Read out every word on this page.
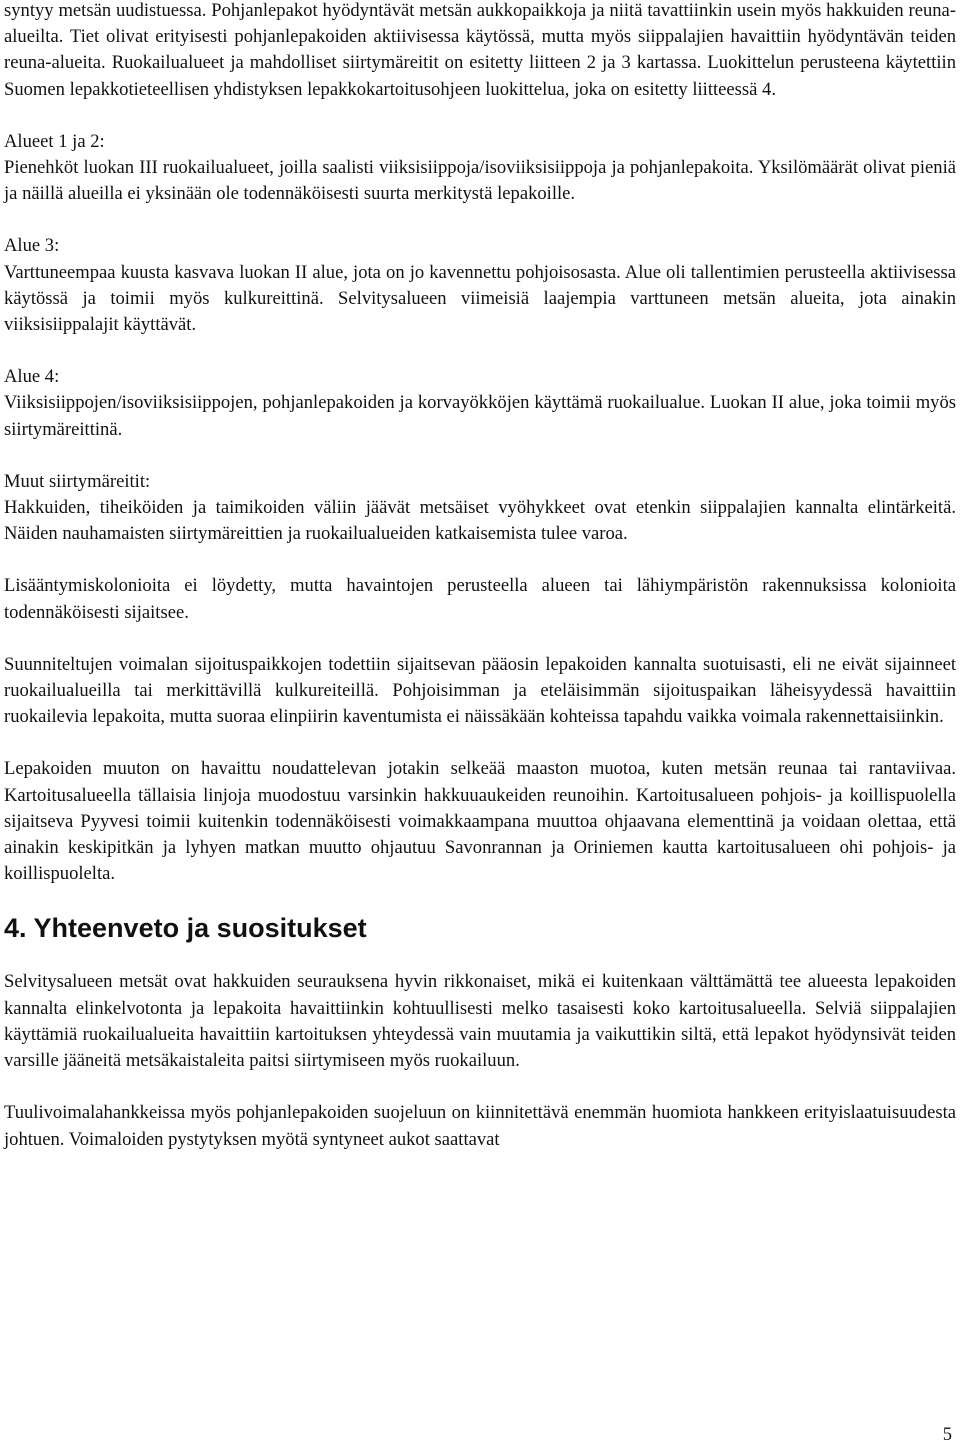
syntyy metsän uudistuessa. Pohjanlepakot hyödyntävät metsän aukkopaikkoja ja niitä tavattiinkin usein myös hakkuiden reuna-alueilta. Tiet olivat erityisesti pohjanlepakoiden aktiivisessa käytössä, mutta myös siippalajien havaittiin hyödyntävän teiden reuna-alueita. Ruokailualueet ja mahdolliset siirtymäreitit on esitetty liitteen 2 ja 3 kartassa. Luokittelun perusteena käytettiin Suomen lepakkotieteellisen yhdistyksen lepakkokartoitusohjeen luokittelua, joka on esitetty liitteessä 4.

Alueet 1 ja 2:
Pienehköt luokan III ruokailualueet, joilla saalisti viiksisiippoja/isoviiksisiippoja ja pohjanlepakoita. Yksilömäärät olivat pieniä ja näillä alueilla ei yksinään ole todennäköisesti suurta merkitystä lepakoille.

Alue 3:
Varttuneempaa kuusta kasvava luokan II alue, jota on jo kavennettu pohjoisosasta. Alue oli tallentimien perusteella aktiivisessa käytössä ja toimii myös kulkureittinä. Selvitysalueen viimeisiä laajempia varttuneen metsän alueita, jota ainakin viiksisiippalajit käyttävät.

Alue 4:
Viiksisiippojen/isoviiksisiippojen, pohjanlepakoiden ja korvayökköjen käyttämä ruokailualue. Luokan II alue, joka toimii myös siirtymäreittinä.

Muut siirtymäreitit:
Hakkuiden, tiheiköiden ja taimikoiden väliin jäävät metsäiset vyöhykkeet ovat etenkin siippalajien kannalta elintärkeitä. Näiden nauhamaisten siirtymäreittien ja ruokailualueiden katkaisemista tulee varoa.

Lisääntymiskolonioita ei löydetty, mutta havaintojen perusteella alueen tai lähiympäristön rakennuksissa kolonioita todennäköisesti sijaitsee.

Suunniteltujen voimalan sijoituspaikkojen todettiin sijaitsevan pääosin lepakoiden kannalta suotuisasti, eli ne eivät sijainneet ruokailualueilla tai merkittävillä kulkureiteillä. Pohjoisimman ja eteläisimmän sijoituspaikan läheisyydessä havaittiin ruokailevia lepakoita, mutta suoraa elinpiirin kaventumista ei näissäkään kohteissa tapahdu vaikka voimala rakennettaisiinkin.

Lepakoiden muuton on havaittu noudattelevan jotakin selkeää maaston muotoa, kuten metsän reunaa tai rantaviivaa. Kartoitusalueella tällaisia linjoja muodostuu varsinkin hakkuuaukeiden reunoihin. Kartoitusalueen pohjois- ja koillispuolella sijaitseva Pyyvesi toimii kuitenkin todennäköisesti voimakkaampana muuttoa ohjaavana elementtinä ja voidaan olettaa, että ainakin keskipitkän ja lyhyen matkan muutto ohjautuu Savonrannan ja Oriniemen kautta kartoitusalueen ohi pohjois- ja koillispuolelta.

4. Yhteenveto ja suositukset

Selvitysalueen metsät ovat hakkuiden seurauksena hyvin rikkonaiset, mikä ei kuitenkaan välttämättä tee alueesta lepakoiden kannalta elinkelvotonta ja lepakoita havaittiinkin kohtuullisesti melko tasaisesti koko kartoitusalueella. Selviä siippalajien käyttämiä ruokailualueita havaittiin kartoituksen yhteydessä vain muutamia ja vaikuttikin siltä, että lepakot hyödynsivät teiden varsille jääneitä metsäkaistaleita paitsi siirtymiseen myös ruokailuun.

Tuulivoimalahankkeissa myös pohjanlepakoiden suojeluun on kiinnitettävä enemmän huomiota hankkeen erityislaatuisuudesta johtuen. Voimaloiden pystytyksen myötä syntyneet aukot saattavat

5
